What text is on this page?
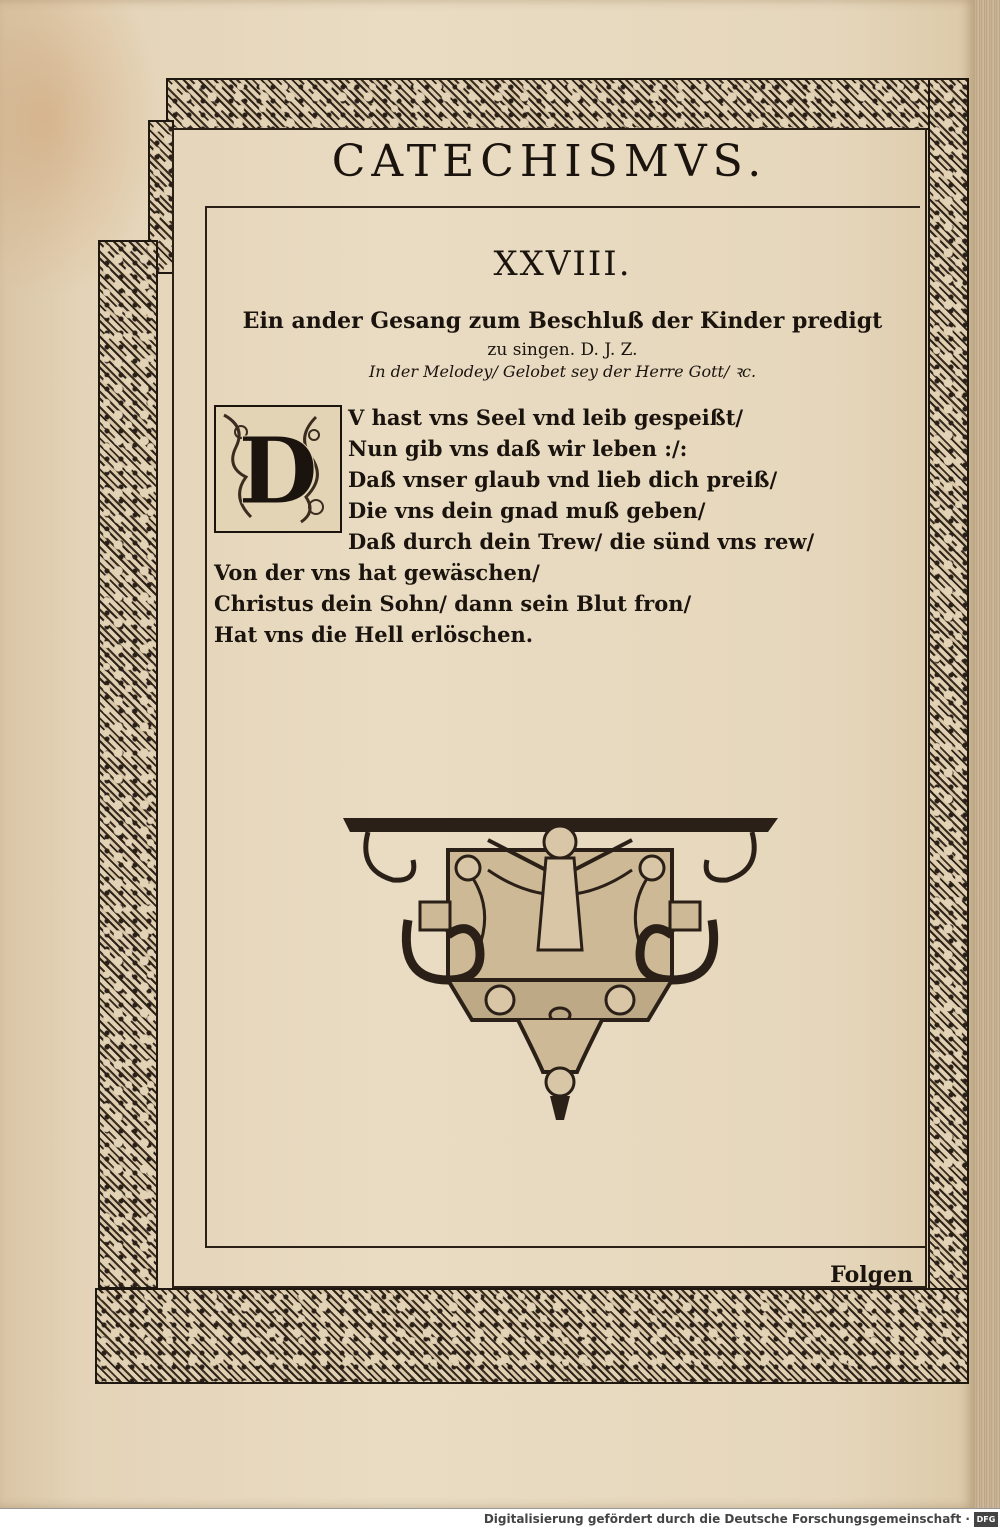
CATECHISMVS.
XXVIII.
Ein ander Gesang zum Beschluß der Kinder predigt
zu singen. D. J. Z.
In der Melodey/ Gelobet sey der Herre Gott/ ꝛc.
D V hast vns Seel vnd leib gespeißt/
Nun gib vns daß wir leben :/:
Daß vnser glaub vnd lieb dich preiß/
Die vns dein gnad muß geben/
Daß durch dein Trew/ die sünd vns rew/
Von der vns hat gewäschen/
Christus dein Sohn/ dann sein Blut fron/
Hat vns die Hell erlöschen.
Folgen
Digitalisierung gefördert durch die Deutsche Forschungsgemeinschaft · DFG
